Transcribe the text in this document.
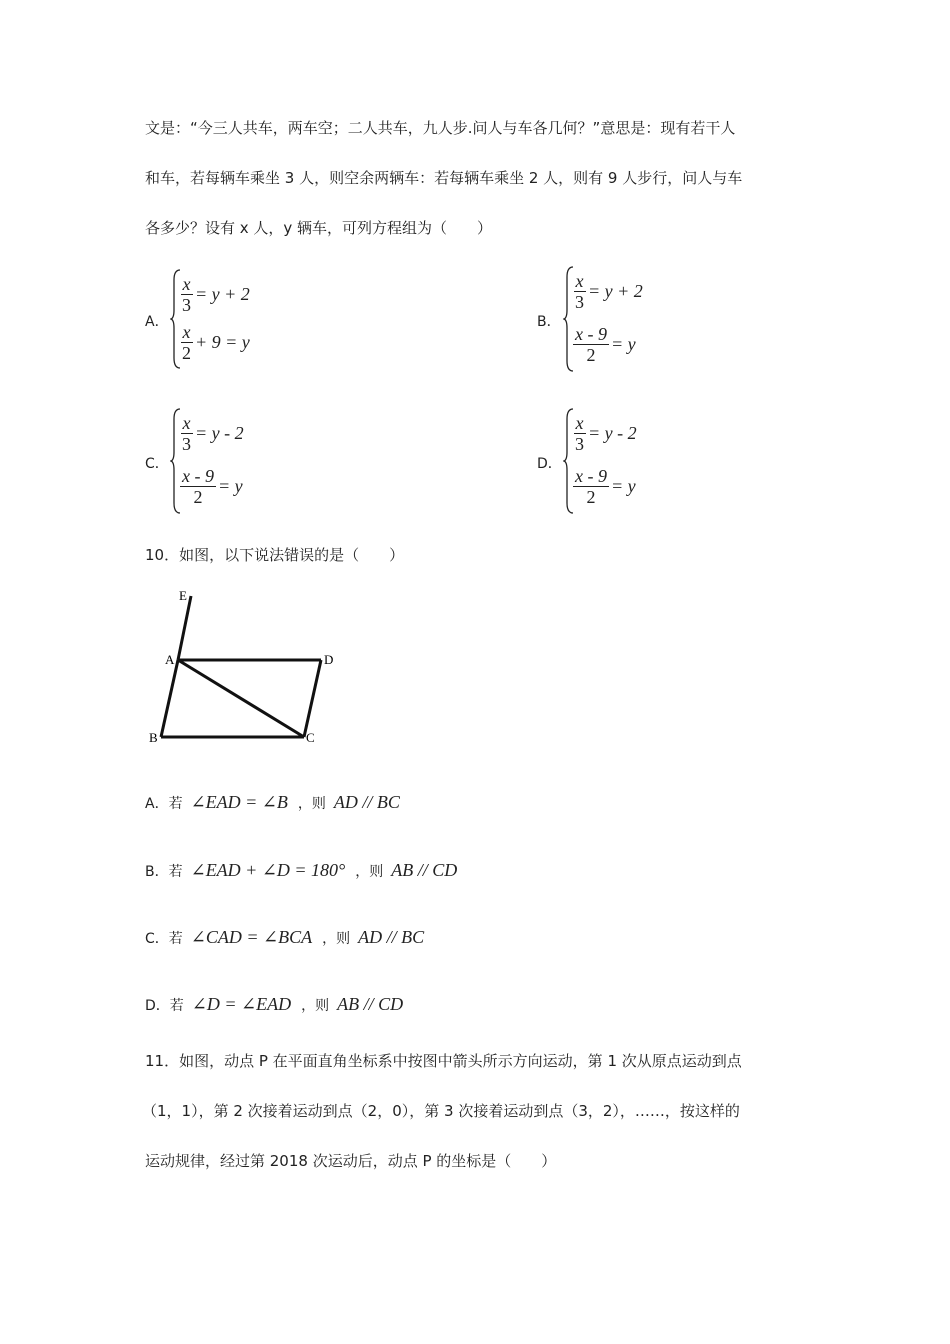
文是：“今三人共车，两车空；二人共车，九人步.问人与车各几何？”意思是：现有若干人
和车，若每辆车乘坐 3 人，则空余两辆车：若每辆车乘坐 2 人，则有 9 人步行，问人与车
各多少？设有 x 人，y 辆车，可列方程组为（　　）
A．
$\frac{x}{3} = y + 2$
$\frac{x}{2} + 9 = y$
B．
$\frac{x}{3} = y + 2$
$\frac{x - 9}{2} = y$
C．
$\frac{x}{3} = y - 2$
$\frac{x - 9}{2} = y$
D．
$\frac{x}{3} = y - 2$
$\frac{x - 9}{2} = y$
10．如图，以下说法错误的是（　　）
E
A	D
B	C
A．若 ∠EAD = ∠B ，则 AD // BC
B．若 ∠EAD + ∠D = 180° ，则 AB // CD
C．若 ∠CAD = ∠BCA ，则 AD // BC
D．若 ∠D = ∠EAD ，则 AB // CD
11．如图，动点 P 在平面直角坐标系中按图中箭头所示方向运动，第 1 次从原点运动到点
（1，1），第 2 次接着运动到点（2，0），第 3 次接着运动到点（3，2），……，按这样的
运动规律，经过第 2018 次运动后，动点 P 的坐标是（　　）
